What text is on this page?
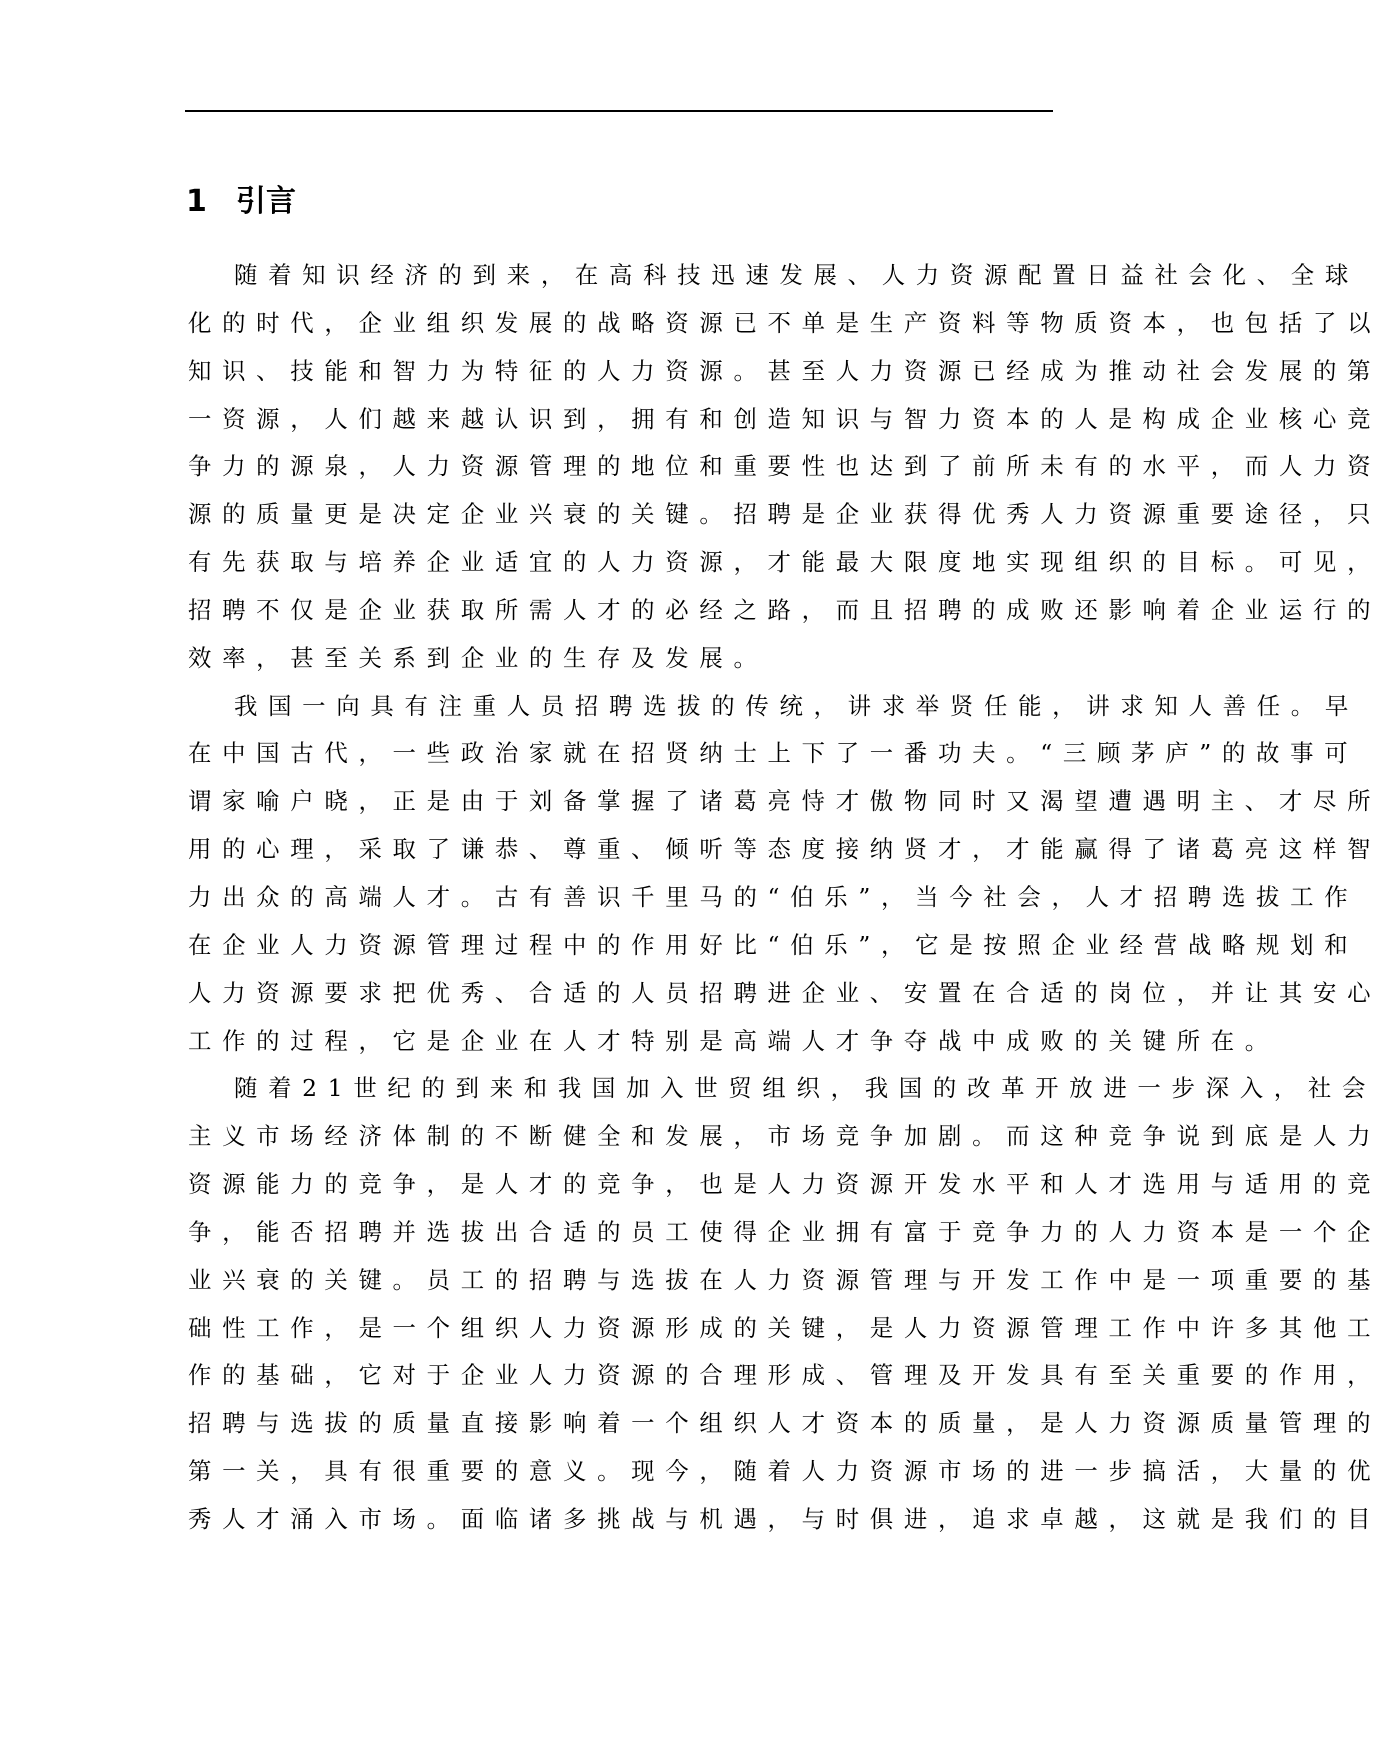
1 引言
随着知识经济的到来，在高科技迅速发展、人力资源配置日益社会化、全球
化的时代，企业组织发展的战略资源已不单是生产资料等物质资本，也包括了以
知识、技能和智力为特征的人力资源。甚至人力资源已经成为推动社会发展的第
一资源，人们越来越认识到，拥有和创造知识与智力资本的人是构成企业核心竞
争力的源泉，人力资源管理的地位和重要性也达到了前所未有的水平，而人力资
源的质量更是决定企业兴衰的关键。招聘是企业获得优秀人力资源重要途径，只
有先获取与培养企业适宜的人力资源，才能最大限度地实现组织的目标。可见，
招聘不仅是企业获取所需人才的必经之路，而且招聘的成败还影响着企业运行的
效率，甚至关系到企业的生存及发展。
我国一向具有注重人员招聘选拔的传统，讲求举贤任能，讲求知人善任。早
在中国古代，一些政治家就在招贤纳士上下了一番功夫。“三顾茅庐”的故事可
谓家喻户晓，正是由于刘备掌握了诸葛亮恃才傲物同时又渴望遭遇明主、才尽所
用的心理，采取了谦恭、尊重、倾听等态度接纳贤才，才能赢得了诸葛亮这样智
力出众的高端人才。古有善识千里马的“伯乐”，当今社会，人才招聘选拔工作
在企业人力资源管理过程中的作用好比“伯乐”，它是按照企业经营战略规划和
人力资源要求把优秀、合适的人员招聘进企业、安置在合适的岗位，并让其安心
工作的过程，它是企业在人才特别是高端人才争夺战中成败的关键所在。
随着21世纪的到来和我国加入世贸组织，我国的改革开放进一步深入，社会
主义市场经济体制的不断健全和发展，市场竞争加剧。而这种竞争说到底是人力
资源能力的竞争，是人才的竞争，也是人力资源开发水平和人才选用与适用的竞
争，能否招聘并选拔出合适的员工使得企业拥有富于竞争力的人力资本是一个企
业兴衰的关键。员工的招聘与选拔在人力资源管理与开发工作中是一项重要的基
础性工作，是一个组织人力资源形成的关键，是人力资源管理工作中许多其他工
作的基础，它对于企业人力资源的合理形成、管理及开发具有至关重要的作用，
招聘与选拔的质量直接影响着一个组织人才资本的质量，是人力资源质量管理的
第一关，具有很重要的意义。现今，随着人力资源市场的进一步搞活，大量的优
秀人才涌入市场。面临诸多挑战与机遇，与时俱进，追求卓越，这就是我们的目
